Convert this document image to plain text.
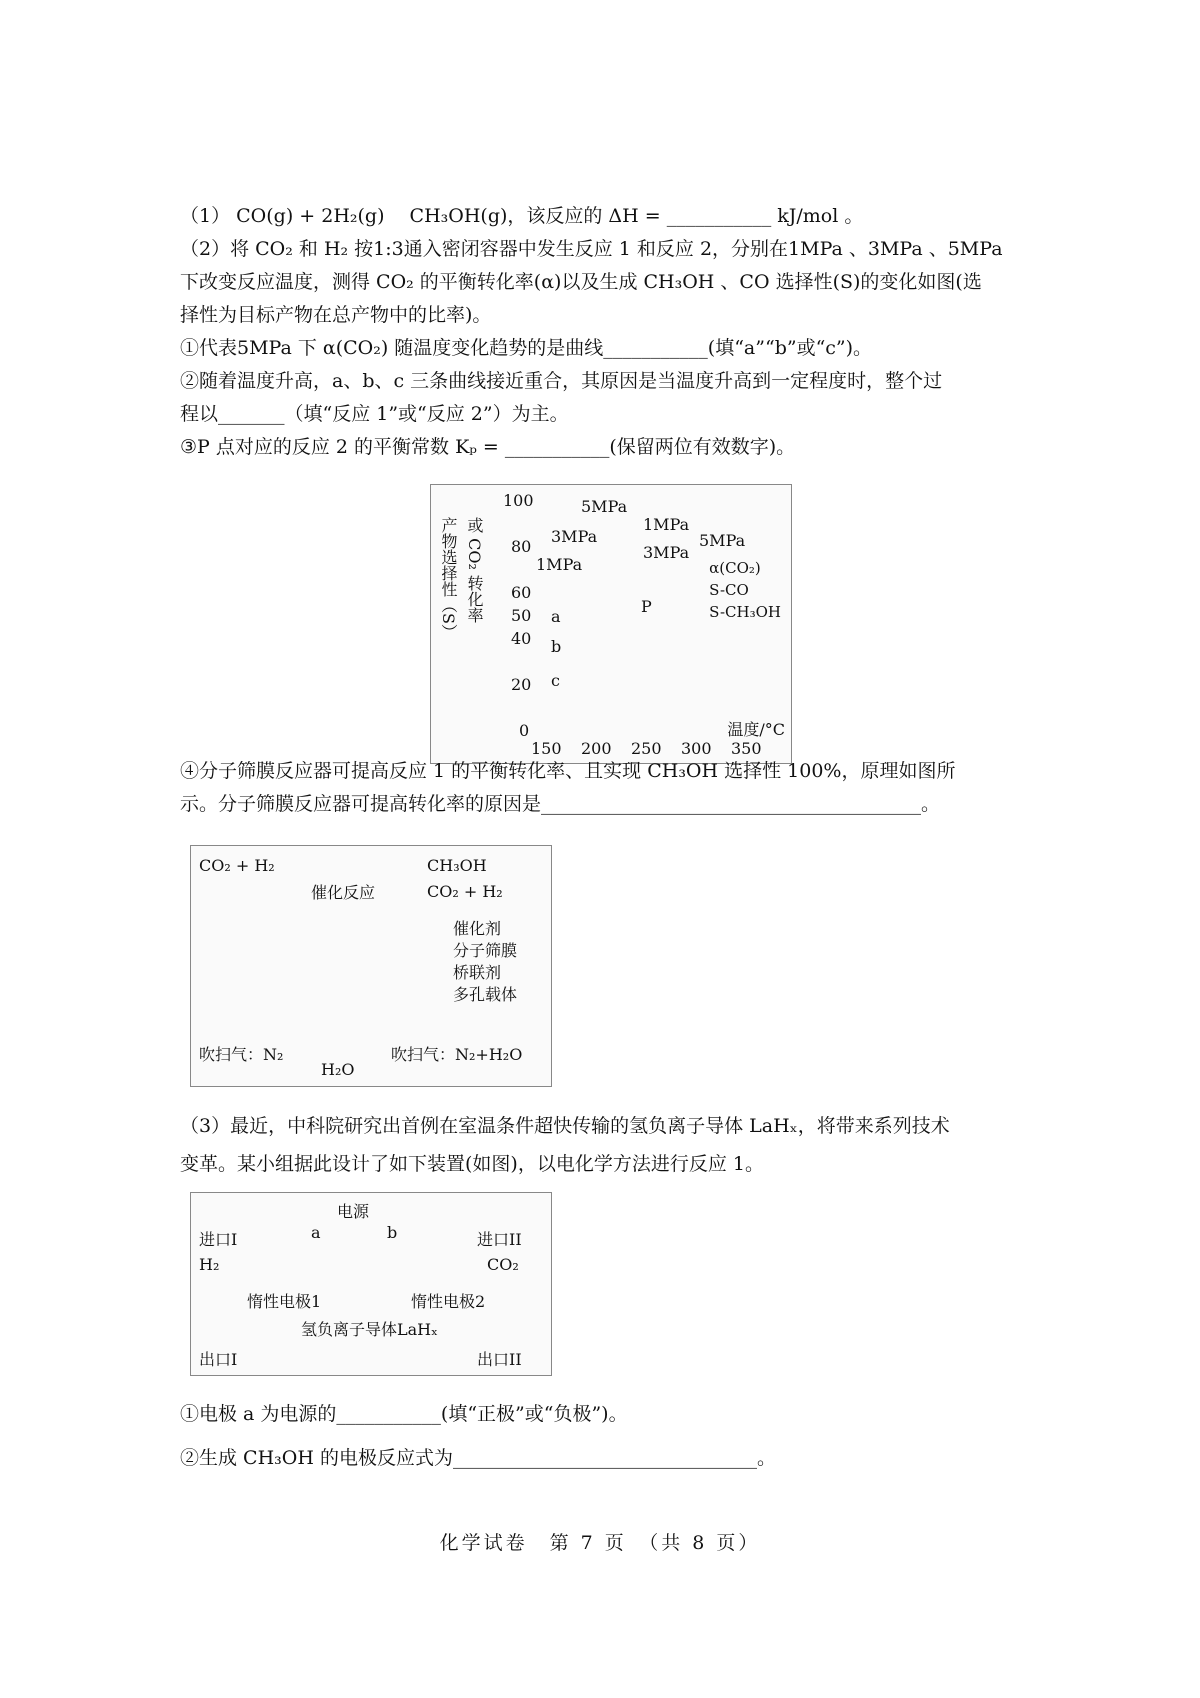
（1） CO(g) + 2H₂(g)　 CH₃OH(g)，该反应的 ΔH = ___________ kJ/mol 。

（2）将 CO₂ 和 H₂ 按1:3通入密闭容器中发生反应 1 和反应 2，分别在1MPa 、3MPa 、5MPa

下改变反应温度，测得 CO₂ 的平衡转化率(α)以及生成 CH₃OH 、CO 选择性(S)的变化如图(选

择性为目标产物在总产物中的比率)。

①代表5MPa 下 α(CO₂) 随温度变化趋势的是曲线___________(填“a”“b”或“c”)。

②随着温度升高，a、b、c 三条曲线接近重合，其原因是当温度升高到一定程度时，整个过

程以_______（填“反应 1”或“反应 2”）为主。

③P 点对应的反应 2 的平衡常数 Kₚ = ___________(保留两位有效数字)。

产物选择性（S） 或 CO₂ 转化率
100
80
60
50
40
20
0
150 200 250 300 350
温度/°C
5MPa
3MPa
1MPa
1MPa
3MPa
5MPa
a
b
c
P
α(CO₂)
S-CO
S-CH₃OH

④分子筛膜反应器可提高反应 1 的平衡转化率、且实现 CH₃OH 选择性 100%，原理如图所

示。分子筛膜反应器可提高转化率的原因是________________________________________。

CO₂ + H₂
催化反应
CH₃OH
CO₂ + H₂
催化剂
分子筛膜
桥联剂
多孔载体
吹扫气：N₂
H₂O
吹扫气：N₂+H₂O

（3）最近，中科院研究出首例在室温条件超快传输的氢负离子导体 LaHₓ，将带来系列技术

变革。某小组据此设计了如下装置(如图)，以电化学方法进行反应 1。

电源
a	b
进口I
H₂
进口II
CO₂
惰性电极1
氢负离子导体LaHₓ
惰性电极2
出口I	出口II

①电极 a 为电源的___________(填“正极”或“负极”)。

②生成 CH₃OH 的电极反应式为________________________________。

化学试卷　第 7 页　（共 8 页）
